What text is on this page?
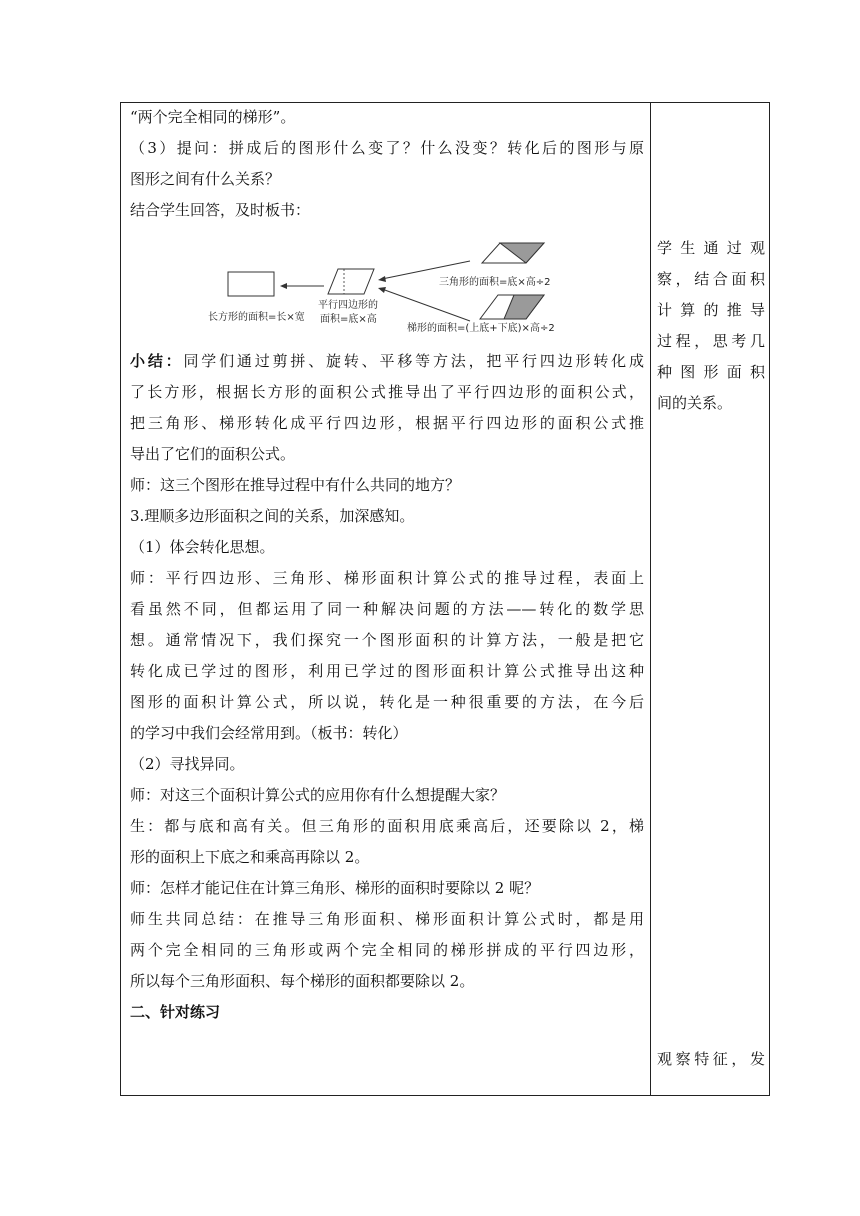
“两个完全相同的梯形”。
（3）提问：拼成后的图形什么变了？什么没变？转化后的图形与原
图形之间有什么关系？
结合学生回答，及时板书：
长方形的面积=长×宽
平行四边形的
面积=底×高
三角形的面积=底×高÷2
梯形的面积=(上底+下底)×高÷2
小结：同学们通过剪拼、旋转、平移等方法，把平行四边形转化成
了长方形，根据长方形的面积公式推导出了平行四边形的面积公式，
把三角形、梯形转化成平行四边形，根据平行四边形的面积公式推
导出了它们的面积公式。
师：这三个图形在推导过程中有什么共同的地方？
3.理顺多边形面积之间的关系，加深感知。
（1）体会转化思想。
师：平行四边形、三角形、梯形面积计算公式的推导过程，表面上
看虽然不同，但都运用了同一种解决问题的方法——转化的数学思
想。通常情况下，我们探究一个图形面积的计算方法，一般是把它
转化成已学过的图形，利用已学过的图形面积计算公式推导出这种
图形的面积计算公式，所以说，转化是一种很重要的方法，在今后
的学习中我们会经常用到。（板书：转化）
（2）寻找异同。
师：对这三个面积计算公式的应用你有什么想提醒大家？
生：都与底和高有关。但三角形的面积用底乘高后，还要除以 2，梯
形的面积上下底之和乘高再除以 2。
师：怎样才能记住在计算三角形、梯形的面积时要除以 2 呢？
师生共同总结：在推导三角形面积、梯形面积计算公式时，都是用
两个完全相同的三角形或两个完全相同的梯形拼成的平行四边形，
所以每个三角形面积、每个梯形的面积都要除以 2。
二、针对练习
学生通过观
察，结合面积
计算的推导
过程，思考几
种图形面积
间的关系。
观察特征，发
